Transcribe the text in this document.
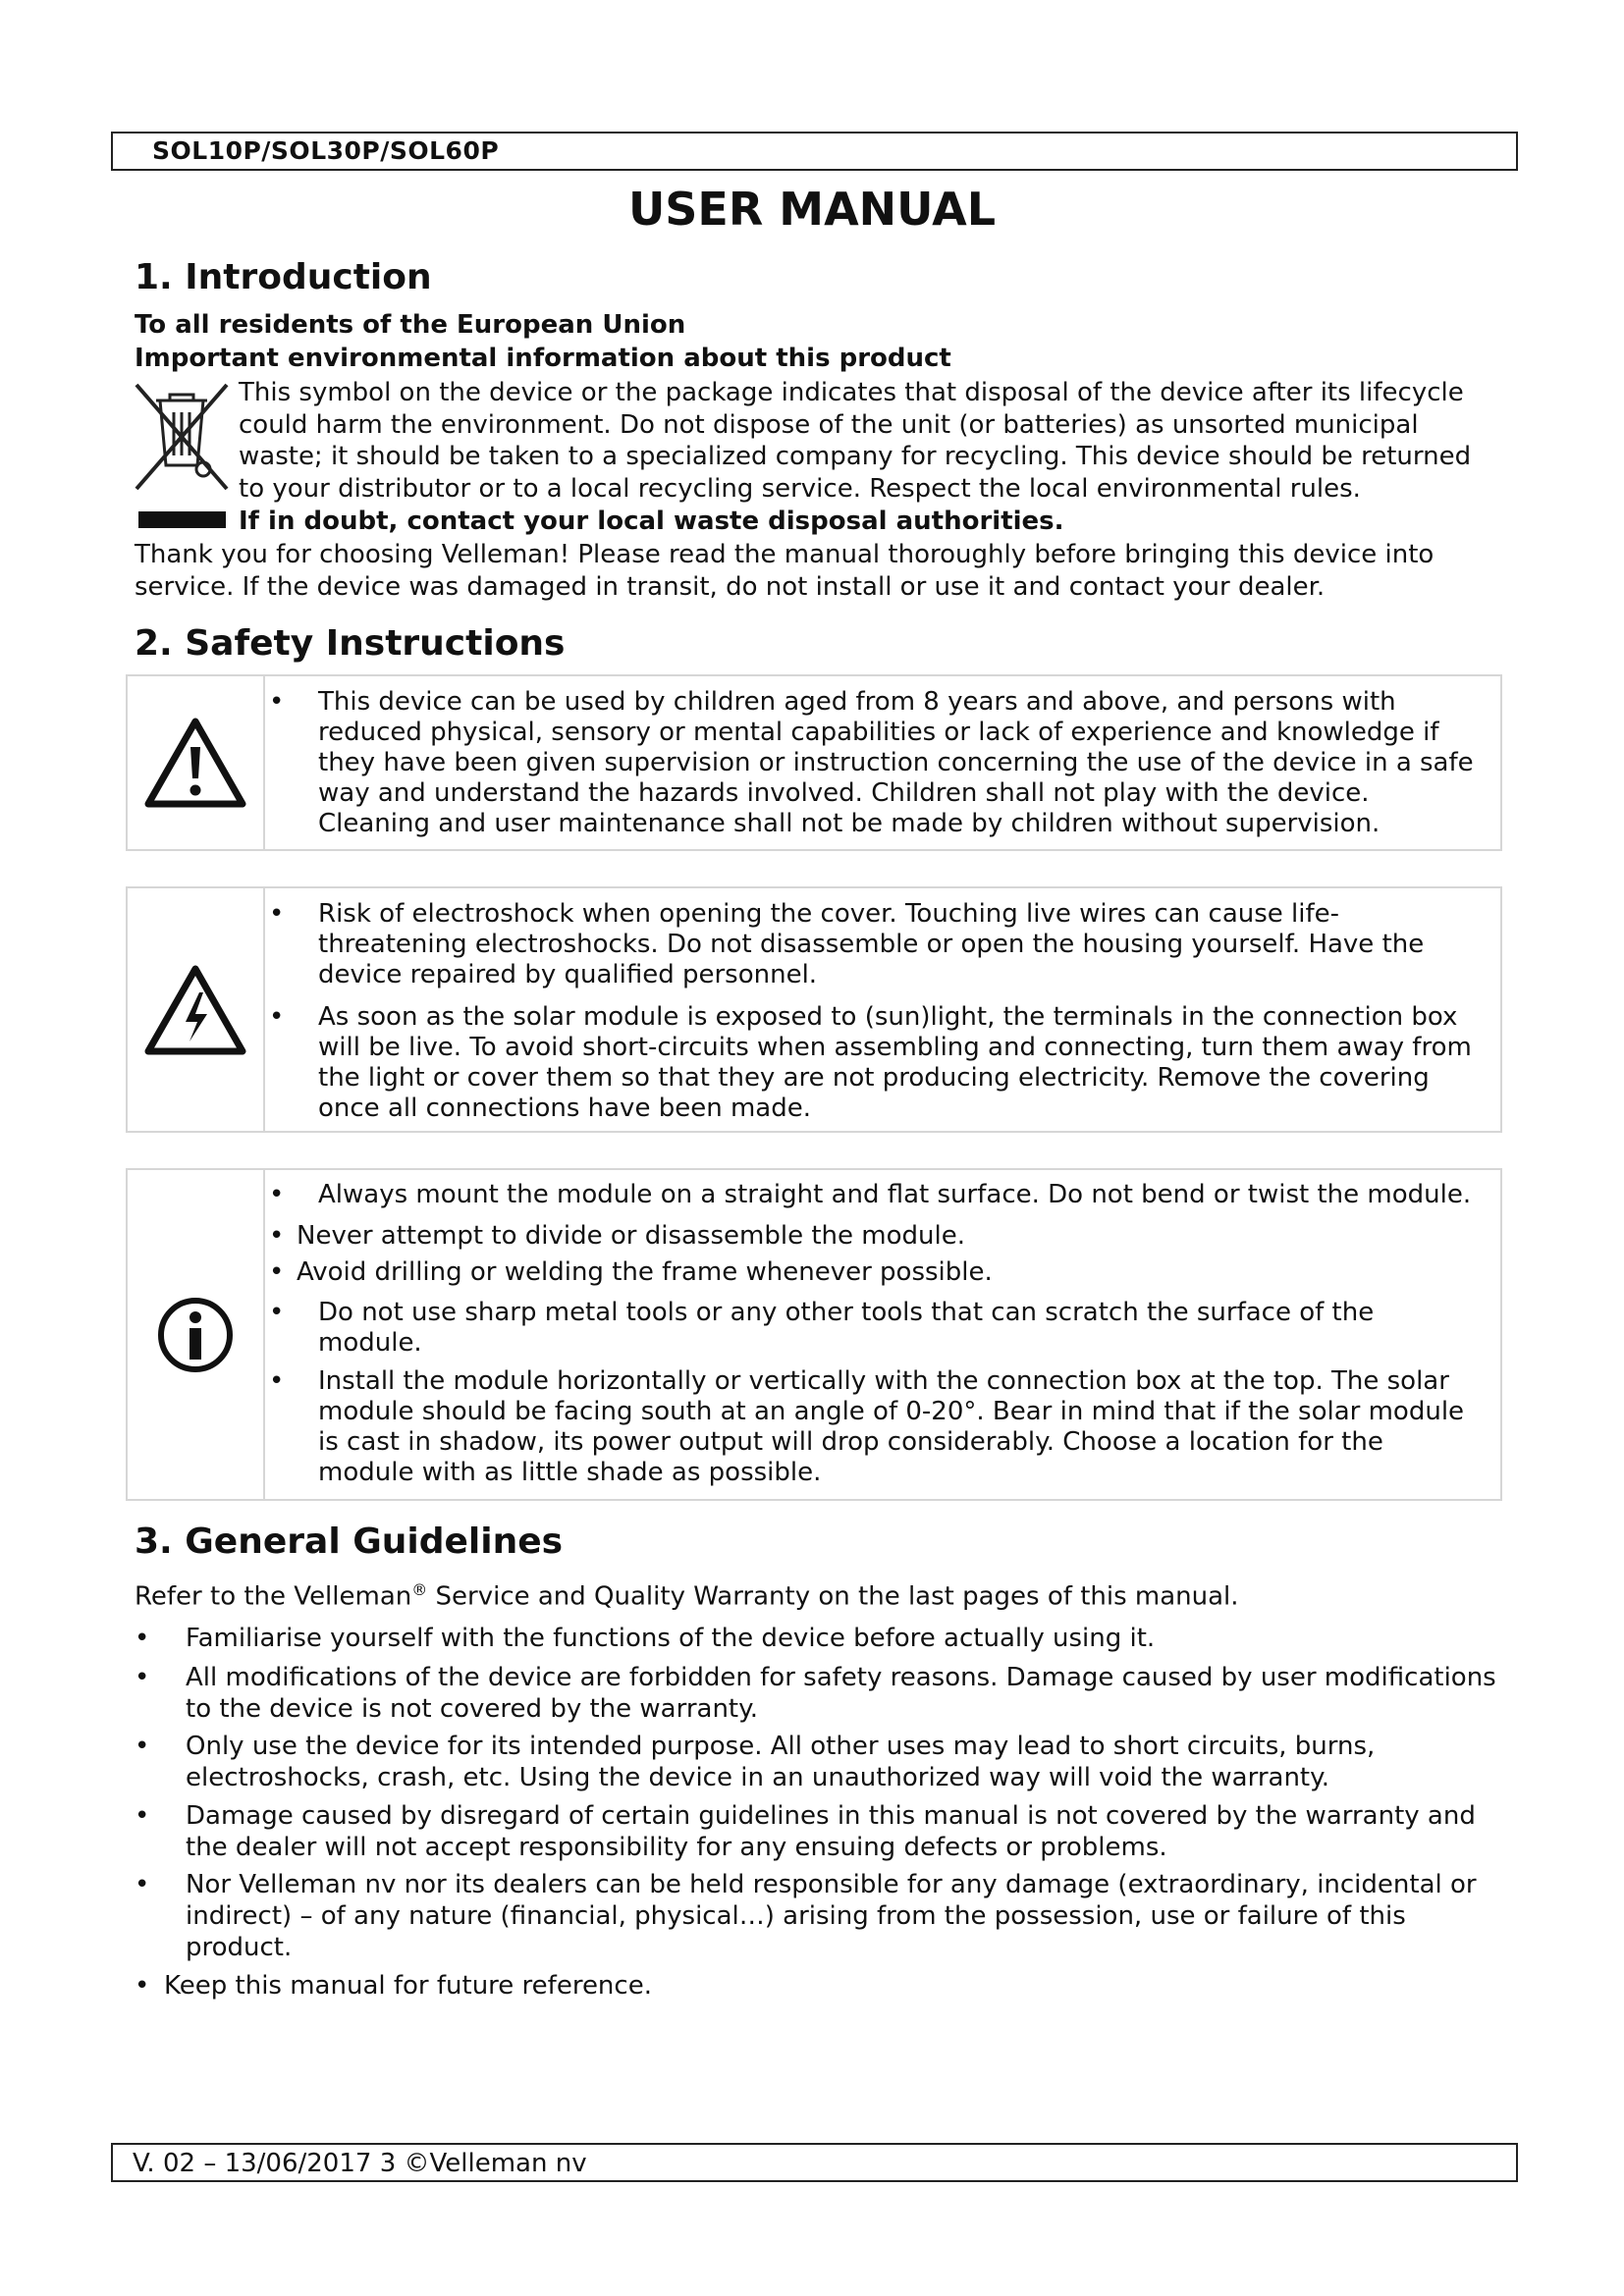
SOL10P/SOL30P/SOL60P
USER MANUAL
1. Introduction
To all residents of the European Union
Important environmental information about this product
This symbol on the device or the package indicates that disposal of the device after its lifecycle
could harm the environment. Do not dispose of the unit (or batteries) as unsorted municipal
waste; it should be taken to a specialized company for recycling. This device should be returned
to your distributor or to a local recycling service. Respect the local environmental rules.
If in doubt, contact your local waste disposal authorities.
Thank you for choosing Velleman! Please read the manual thoroughly before bringing this device into
service. If the device was damaged in transit, do not install or use it and contact your dealer.
2. Safety Instructions
• This device can be used by children aged from 8 years and above, and persons with
reduced physical, sensory or mental capabilities or lack of experience and knowledge if
they have been given supervision or instruction concerning the use of the device in a safe
way and understand the hazards involved. Children shall not play with the device.
Cleaning and user maintenance shall not be made by children without supervision.
• Risk of electroshock when opening the cover. Touching live wires can cause life-
threatening electroshocks. Do not disassemble or open the housing yourself. Have the
device repaired by qualified personnel.
• As soon as the solar module is exposed to (sun)light, the terminals in the connection box
will be live. To avoid short-circuits when assembling and connecting, turn them away from
the light or cover them so that they are not producing electricity. Remove the covering
once all connections have been made.
• Always mount the module on a straight and flat surface. Do not bend or twist the module.
• Never attempt to divide or disassemble the module.
• Avoid drilling or welding the frame whenever possible.
• Do not use sharp metal tools or any other tools that can scratch the surface of the
module.
• Install the module horizontally or vertically with the connection box at the top. The solar
module should be facing south at an angle of 0-20°. Bear in mind that if the solar module
is cast in shadow, its power output will drop considerably. Choose a location for the
module with as little shade as possible.
3. General Guidelines
Refer to the Velleman® Service and Quality Warranty on the last pages of this manual.
• Familiarise yourself with the functions of the device before actually using it.
• All modifications of the device are forbidden for safety reasons. Damage caused by user modifications
to the device is not covered by the warranty.
• Only use the device for its intended purpose. All other uses may lead to short circuits, burns,
electroshocks, crash, etc. Using the device in an unauthorized way will void the warranty.
• Damage caused by disregard of certain guidelines in this manual is not covered by the warranty and
the dealer will not accept responsibility for any ensuing defects or problems.
• Nor Velleman nv nor its dealers can be held responsible for any damage (extraordinary, incidental or
indirect) – of any nature (financial, physical…) arising from the possession, use or failure of this
product.
• Keep this manual for future reference.
V. 02 – 13/06/2017 3 ©Velleman nv
